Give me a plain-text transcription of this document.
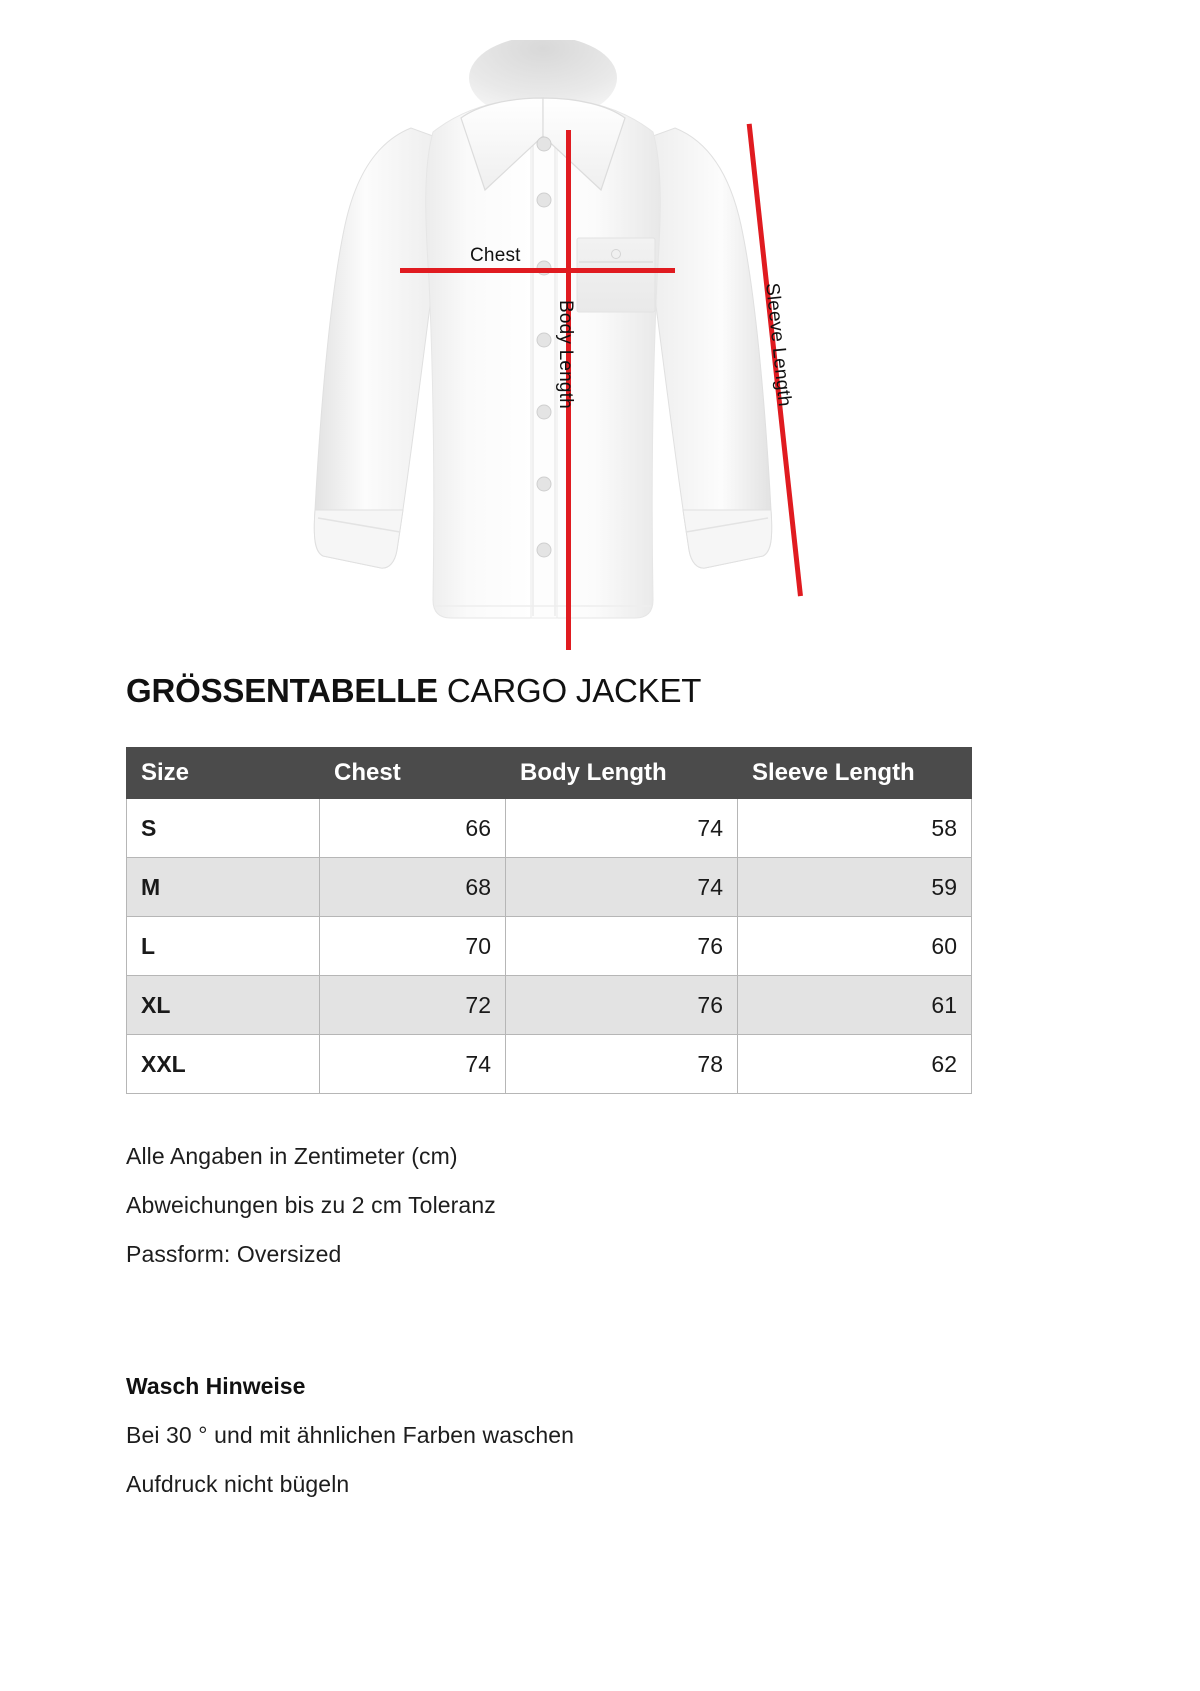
Chest
Body Length	Sleeve Length
GRÖSSENTABELLE CARGO JACKET
Size	Chest	Body Length	Sleeve Length
S	66	74	58
M	68	74	59
L	70	76	60
XL	72	76	61
XXL	74	78	62
Alle Angaben in Zentimeter (cm)
Abweichungen bis zu 2 cm Toleranz
Passform: Oversized
Wasch Hinweise
Bei 30 ° und mit ähnlichen Farben waschen
Aufdruck nicht bügeln
